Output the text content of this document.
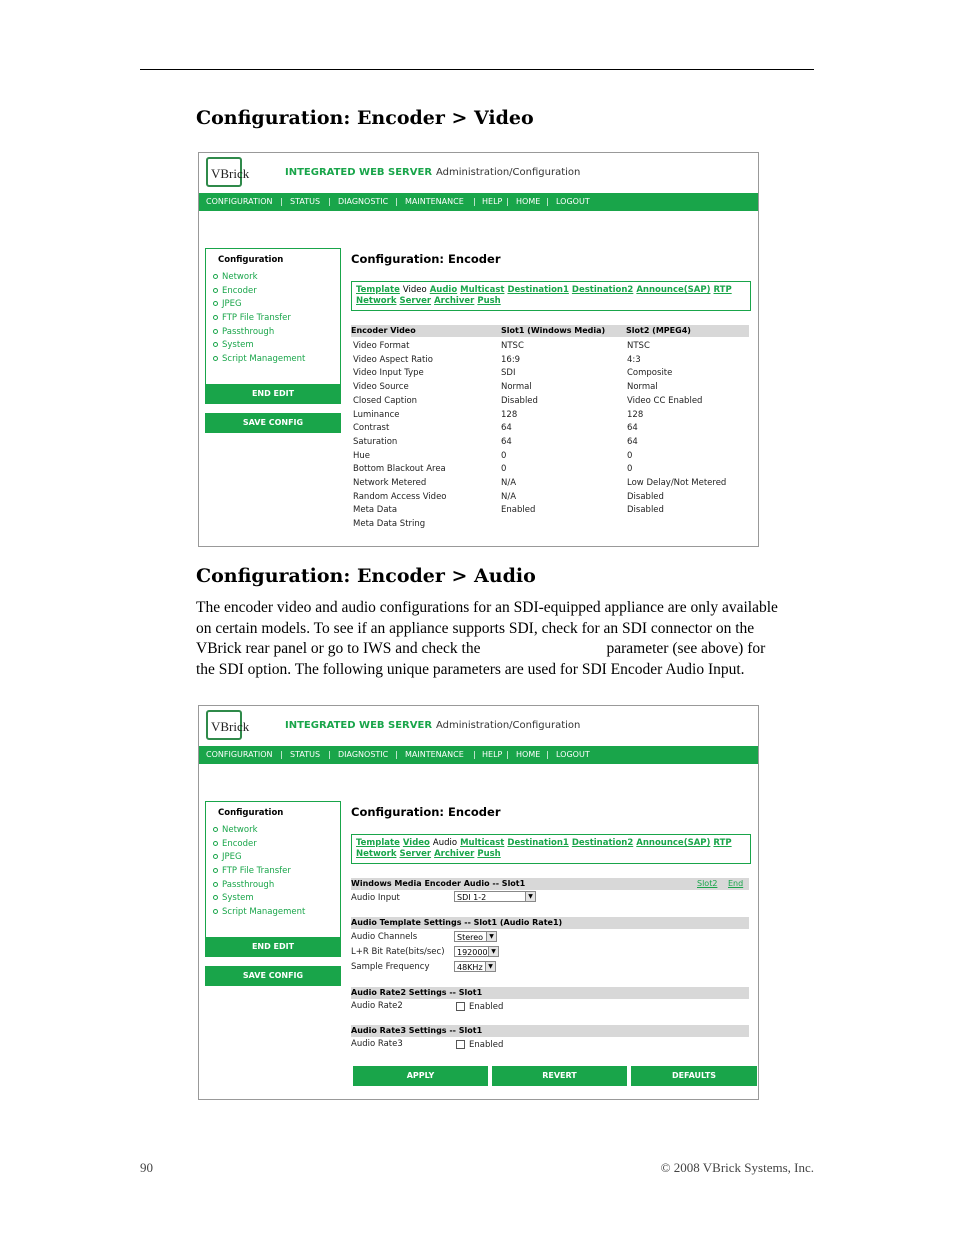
Configuration: Encoder > Video
VBrick	INTEGRATED WEB SERVER Administration/Configuration
CONFIGURATION | STATUS | DIAGNOSTIC | MAINTENANCE | HELP | HOME | LOGOUT
Configuration
Network
Encoder
JPEG
FTP File Transfer
Passthrough
System
Script Management
END EDIT
SAVE CONFIG
Configuration: Encoder
Template Video Audio Multicast Destination1 Destination2 Announce(SAP) RTP
Network Server Archiver Push
Encoder Video	Slot1 (Windows Media)	Slot2 (MPEG4)
Video Format	NTSC	NTSC
Video Aspect Ratio	16:9	4:3
Video Input Type	SDI	Composite
Video Source	Normal	Normal
Closed Caption	Disabled	Video CC Enabled
Luminance	128	128
Contrast	64	64
Saturation	64	64
Hue	0	0
Bottom Blackout Area	0	0
Network Metered	N/A	Low Delay/Not Metered
Random Access Video	N/A	Disabled
Meta Data	Enabled	Disabled
Meta Data String
Configuration: Encoder > Audio

The encoder video and audio configurations for an SDI-equipped appliance are only available

on certain models. To see if an appliance supports SDI, check for an SDI connector on the

VBrick rear panel or go to IWS and check the	parameter (see above) for

the SDI option. The following unique parameters are used for SDI Encoder Audio Input.

VBrick	INTEGRATED WEB SERVER Administration/Configuration
CONFIGURATION | STATUS | DIAGNOSTIC | MAINTENANCE | HELP | HOME | LOGOUT
Configuration
Network
Encoder
JPEG
FTP File Transfer
Passthrough
System
Script Management
END EDIT
SAVE CONFIG
Configuration: Encoder
Template Video Audio Multicast Destination1 Destination2 Announce(SAP) RTP
Network Server Archiver Push
Windows Media Encoder Audio -- Slot1	Slot2 End
Audio Input	SDI 1-2	▼
Audio Template Settings -- Slot1 (Audio Rate1)
Audio Channels	Stereo	▼
L+R Bit Rate(bits/sec)	192000 ▼
Sample Frequency	48KHz ▼
Audio Rate2 Settings -- Slot1
Audio Rate2	Enabled
Audio Rate3 Settings -- Slot1
Audio Rate3	Enabled
APPLY	REVERT	DEFAULTS
90	© 2008 VBrick Systems, Inc.
